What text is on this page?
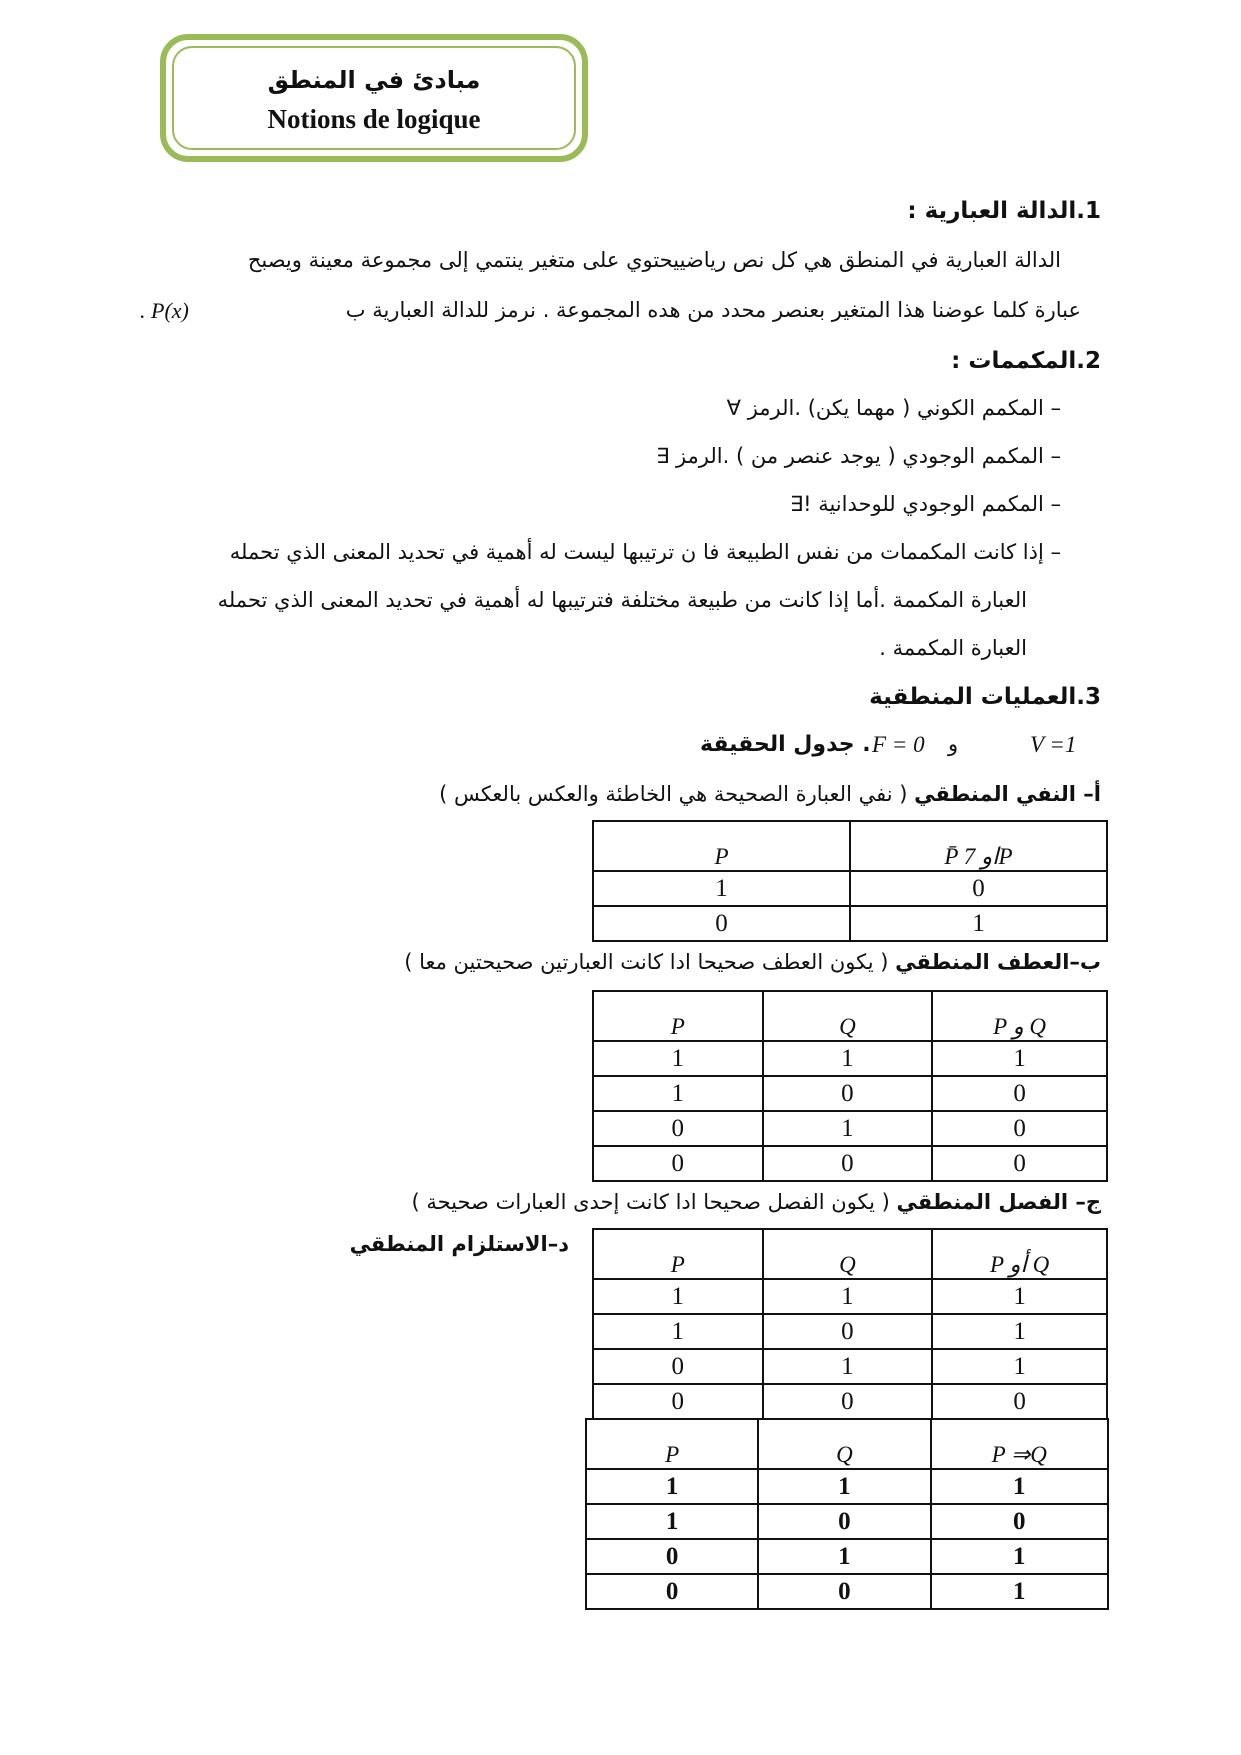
مبادئ في المنطق
Notions de logique
1.الدالة العبارية :
الدالة العبارية في المنطق هي كل نص رياضييحتوي على متغير ينتمي إلى مجموعة معينة ويصبح
. P(x)	عبارة كلما عوضنا هذا المتغير بعنصر محدد من هده المجموعة . نرمز للدالة العبارية ب
2.المكممات :
– المكمم الكوني ( مهما يكن) .الرمز ∀
– المكمم الوجودي ( يوجد عنصر من ) .الرمز ∃
– المكمم الوجودي للوحدانية !∃
– إذا كانت المكممات من نفس الطبيعة فا ن ترتيبها ليست له أهمية في تحديد المعنى الذي تحمله
العبارة المكممة .أما إذا كانت من طبيعة مختلفة فترتيبها له أهمية في تحديد المعنى الذي تحمله
العبارة المكممة .
3.العمليات المنطقية
. جدول الحقيقة F = 0 و	V =1
أ– النفي المنطقي ( نفي العبارة الصحيحة هي الخاطئة والعكس بالعكس )
P	P̄ او 7P
1	0
0	1
ب–العطف المنطقي ( يكون العطف صحيحا ادا كانت العبارتين صحيحتين معا )
P	Q	P و Q
1	1	1
1	0	0
0	1	0
0	0	0
ج– الفصل المنطقي ( يكون الفصل صحيحا ادا كانت إحدى العبارات صحيحة )
P	Q	P أو Q
1	1	1
1	0	1
0	1	1
0	0	0
د–الاستلزام المنطقي
P	Q	P ⇒Q
1	1	1
1	0	0
0	1	1
0	0	1
